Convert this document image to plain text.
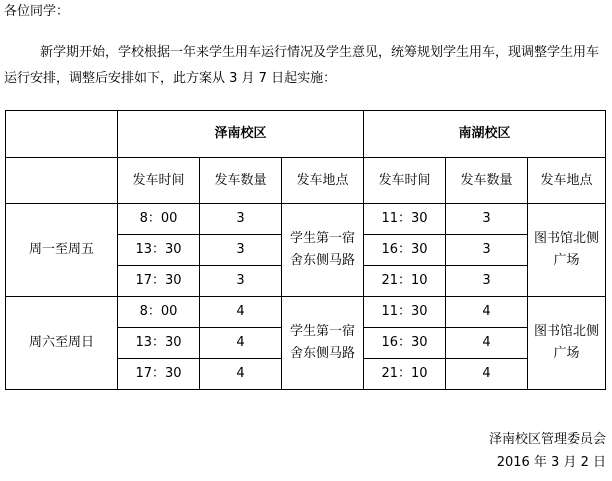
各位同学：
新学期开始，学校根据一年来学生用车运行情况及学生意见，统筹规划学生用车，现调整学生用车运行安排，调整后安排如下，此方案从 3 月 7 日起实施：
	泽南校区			南湖校区		
	发车时间	发车数量	发车地点	发车时间	发车数量	发车地点
周一至周五	8：00	3	学生第一宿舍东侧马路	11：30	3	图书馆北侧广场

	13：30	3		16：30	3	
	17：30	3		21：10	3	
周六至周日	8：00	4	学生第一宿舍东侧马路	11：30	4	图书馆北侧广场

	13：30	4		16：30	4	
	17：30	4		21：10	4	
泽南校区管理委员会
2016 年 3 月 2 日
